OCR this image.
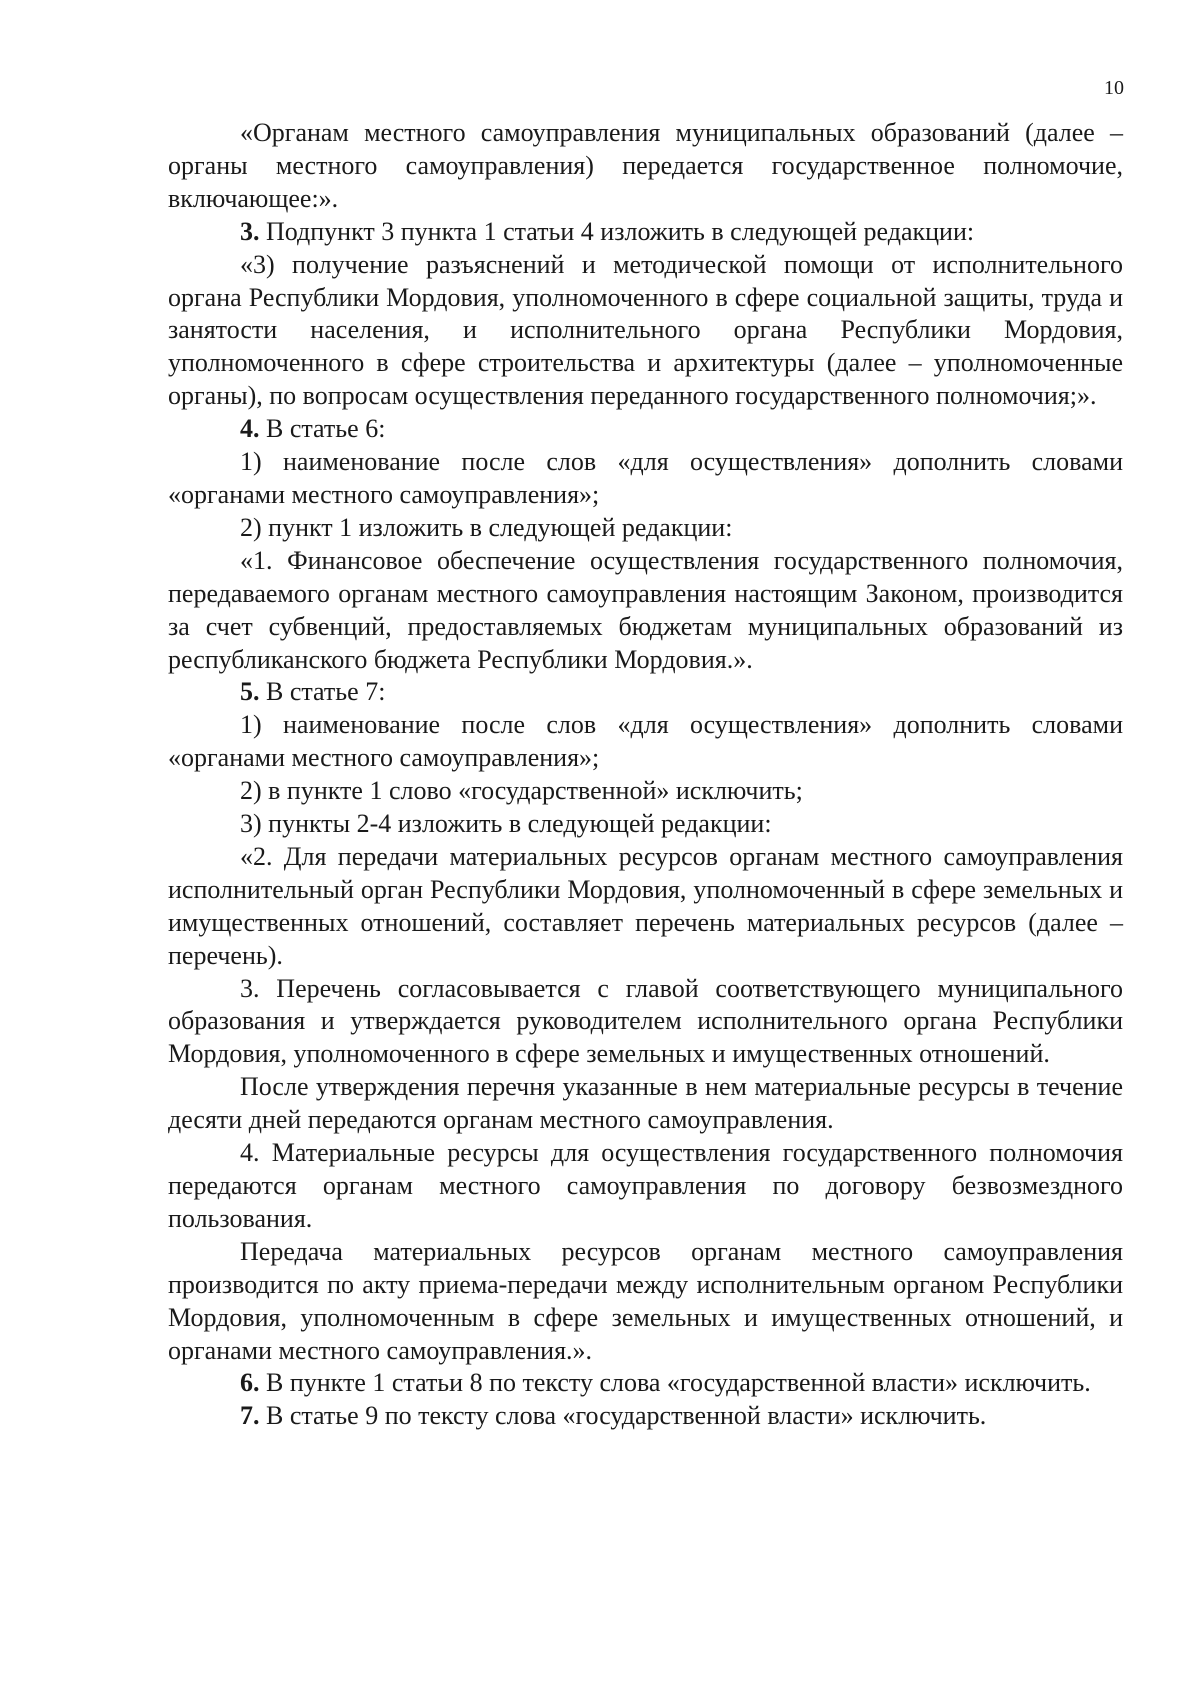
10

«Органам местного самоуправления муниципальных образований (далее – органы местного самоуправления) передается государственное полномочие, включающее:».

3. Подпункт 3 пункта 1 статьи 4 изложить в следующей редакции:

«3) получение разъяснений и методической помощи от исполнительного органа Республики Мордовия, уполномоченного в сфере социальной защиты, труда и занятости населения, и исполнительного органа Республики Мордовия, уполномоченного в сфере строительства и архитектуры (далее – уполномоченные органы), по вопросам осуществления переданного государственного полномочия;».

4. В статье 6:

1) наименование после слов «для осуществления» дополнить словами «органами местного самоуправления»;

2) пункт 1 изложить в следующей редакции:

«1. Финансовое обеспечение осуществления государственного полномочия, передаваемого органам местного самоуправления настоящим Законом, производится за счет субвенций, предоставляемых бюджетам муниципальных образований из республиканского бюджета Республики Мордовия.».

5. В статье 7:

1) наименование после слов «для осуществления» дополнить словами «органами местного самоуправления»;

2) в пункте 1 слово «государственной» исключить;

3) пункты 2-4 изложить в следующей редакции:

«2. Для передачи материальных ресурсов органам местного самоуправления исполнительный орган Республики Мордовия, уполномоченный в сфере земельных и имущественных отношений, составляет перечень материальных ресурсов (далее – перечень).

3. Перечень согласовывается с главой соответствующего муниципального образования и утверждается руководителем исполнительного органа Республики Мордовия, уполномоченного в сфере земельных и имущественных отношений.

После утверждения перечня указанные в нем материальные ресурсы в течение десяти дней передаются органам местного самоуправления.

4. Материальные ресурсы для осуществления государственного полномочия передаются органам местного самоуправления по договору безвозмездного пользования.

Передача материальных ресурсов органам местного самоуправления производится по акту приема-передачи между исполнительным органом Республики Мордовия, уполномоченным в сфере земельных и имущественных отношений, и органами местного самоуправления.».

6. В пункте 1 статьи 8 по тексту слова «государственной власти» исключить.

7. В статье 9 по тексту слова «государственной власти» исключить.
